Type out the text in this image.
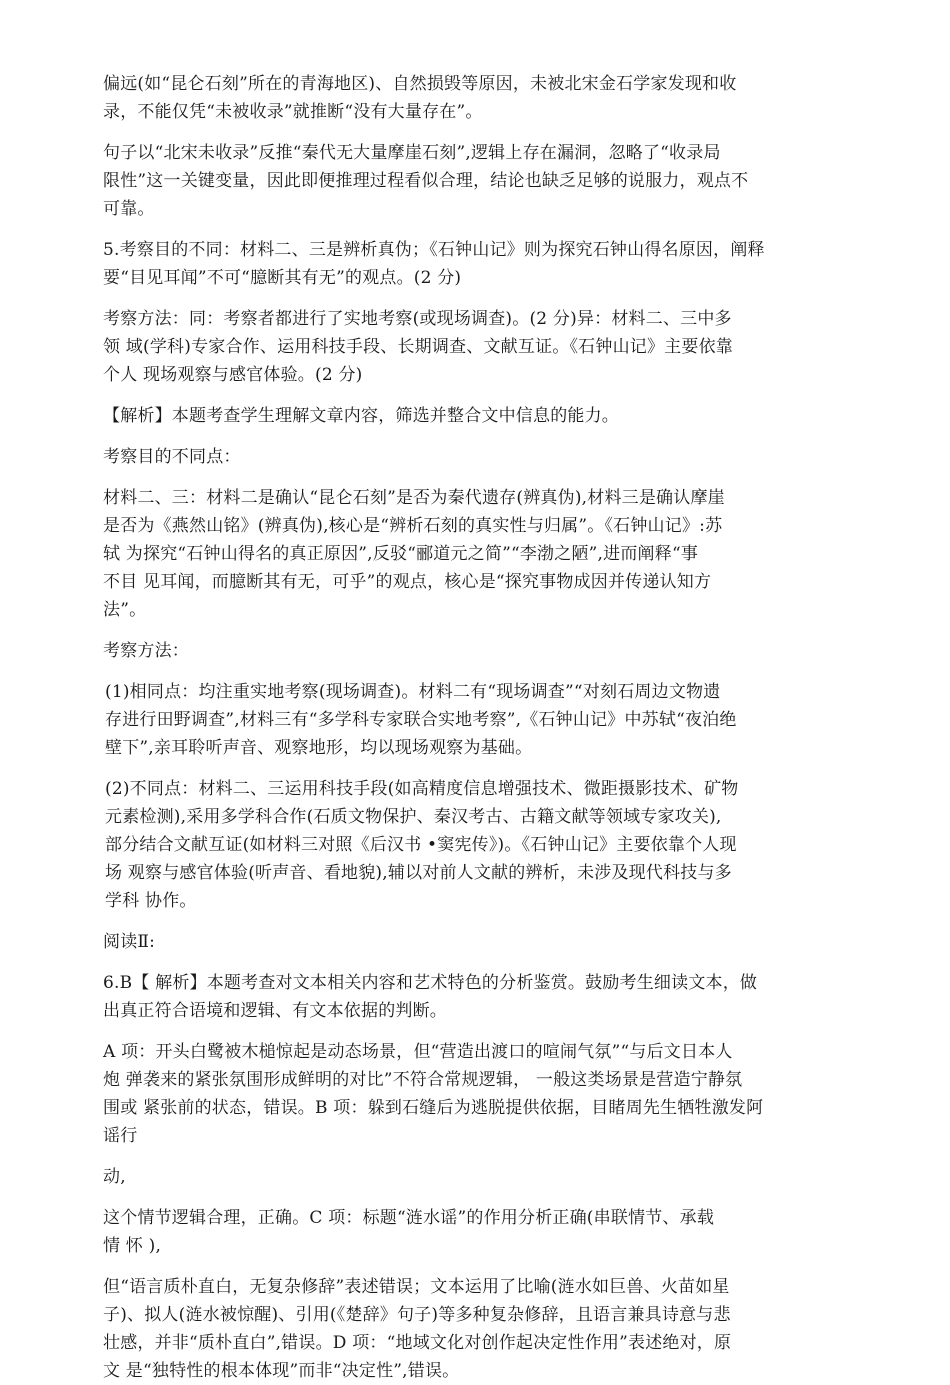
偏远(如“昆仑石刻”所在的青海地区)、自然损毁等原因，未被北宋金石学家发现和收
录，不能仅凭“未被收录”就推断“没有大量存在”。

句子以“北宋未收录”反推“秦代无大量摩崖石刻”,逻辑上存在漏洞，忽略了“收录局
限性”这一关键变量，因此即便推理过程看似合理，结论也缺乏足够的说服力，观点不
可靠。

5.考察目的不同：材料二、三是辨析真伪；《石钟山记》则为探究石钟山得名原因，阐释
要“目见耳闻”不可“臆断其有无”的观点。(2 分)

考察方法：同：考察者都进行了实地考察(或现场调查)。(2 分)异：材料二、三中多
领 域(学科)专家合作、运用科技手段、长期调查、文献互证。《石钟山记》主要依靠
个人 现场观察与感官体验。(2 分)

【解析】本题考查学生理解文章内容，筛选并整合文中信息的能力。

考察目的不同点：

材料二、三：材料二是确认“昆仑石刻”是否为秦代遗存(辨真伪),材料三是确认摩崖
是否为《燕然山铭》(辨真伪),核心是“辨析石刻的真实性与归属”。《石钟山记》:苏
轼 为探究“石钟山得名的真正原因”,反驳“郦道元之简”“李渤之陋”,进而阐释“事
不目 见耳闻，而臆断其有无，可乎”的观点，核心是“探究事物成因并传递认知方
法”。

考察方法：

(1)相同点：均注重实地考察(现场调查)。材料二有“现场调查”“对刻石周边文物遗
存进行田野调查”,材料三有“多学科专家联合实地考察”,《石钟山记》中苏轼“夜泊绝
壁下”,亲耳聆听声音、观察地形，均以现场观察为基础。

(2)不同点：材料二、三运用科技手段(如高精度信息增强技术、微距摄影技术、矿物
元素检测),采用多学科合作(石质文物保护、秦汉考古、古籍文献等领域专家攻关),
部分结合文献互证(如材料三对照《后汉书 •窦宪传》)。《石钟山记》主要依靠个人现
场 观察与感官体验(听声音、看地貌),辅以对前人文献的辨析，未涉及现代科技与多
学科 协作。

阅读Ⅱ:

6.B【 解析】本题考查对文本相关内容和艺术特色的分析鉴赏。鼓励考生细读文本，做
出真正符合语境和逻辑、有文本依据的判断。

A 项：开头白鹭被木槌惊起是动态场景，但“营造出渡口的喧闹气氛”“与后文日本人
炮 弹袭来的紧张氛围形成鲜明的对比”不符合常规逻辑， 一般这类场景是营造宁静氛
围或 紧张前的状态，错误。B 项：躲到石缝后为逃脱提供依据，目睹周先生牺牲激发阿
谣行

动,

这个情节逻辑合理，正确。C 项：标题“涟水谣”的作用分析正确(串联情节、承载
情 怀 ),

但“语言质朴直白，无复杂修辞”表述错误；文本运用了比喻(涟水如巨兽、火苗如星
子)、拟人(涟水被惊醒)、引用(《楚辞》句子)等多种复杂修辞，且语言兼具诗意与悲
壮感，并非“质朴直白”,错误。D 项：“地域文化对创作起决定性作用”表述绝对，原
文 是“独特性的根本体现”而非“决定性”,错误。
